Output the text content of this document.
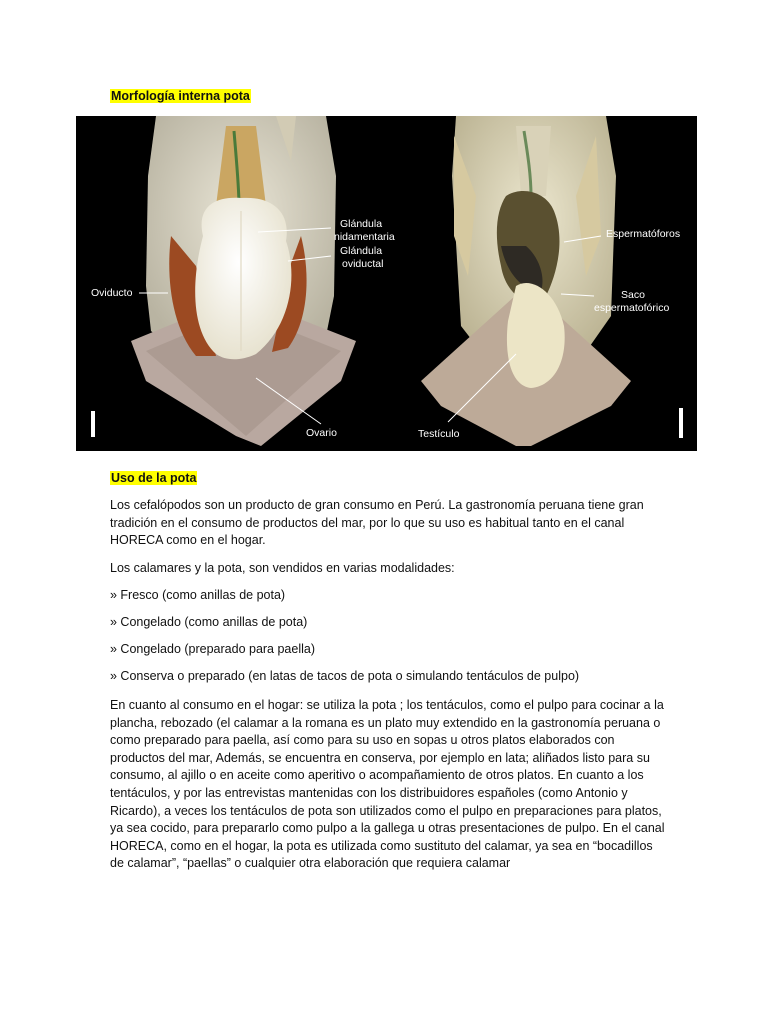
Morfología interna pota
Glándula
nidamentaria
Glándula
oviductal
Oviducto
Ovario
Espermatóforos
Saco
espermatofórico
Testículo
Uso de la pota
Los cefalópodos son un producto de gran consumo en Perú. La gastronomía peruana tiene gran tradición en el consumo de productos del mar, por lo que su uso es habitual tanto en el canal HORECA como en el hogar.
Los calamares y la pota, son vendidos en varias modalidades:
» Fresco (como anillas de pota)
» Congelado (como anillas de pota)
» Congelado (preparado para paella)
» Conserva o preparado (en latas de tacos de pota o simulando tentáculos de pulpo)
En cuanto al consumo en el hogar: se utiliza la pota ; los tentáculos, como el pulpo para cocinar a la plancha, rebozado (el calamar a la romana es un plato muy extendido en la gastronomía peruana o como preparado para paella, así como para su uso en sopas u otros platos elaborados con productos del mar, Además, se encuentra en conserva, por ejemplo en lata; aliñados listo para su consumo, al ajillo o en aceite como aperitivo o acompañamiento de otros platos. En cuanto a los tentáculos, y por las entrevistas mantenidas con los distribuidores españoles (como Antonio y Ricardo), a veces los tentáculos de pota son utilizados como el pulpo en preparaciones para platos, ya sea cocido, para prepararlo como pulpo a la gallega u otras presentaciones de pulpo. En el canal HORECA, como en el hogar, la pota es utilizada como sustituto del calamar, ya sea en “bocadillos de calamar”, “paellas” o cualquier otra elaboración que requiera calamar
